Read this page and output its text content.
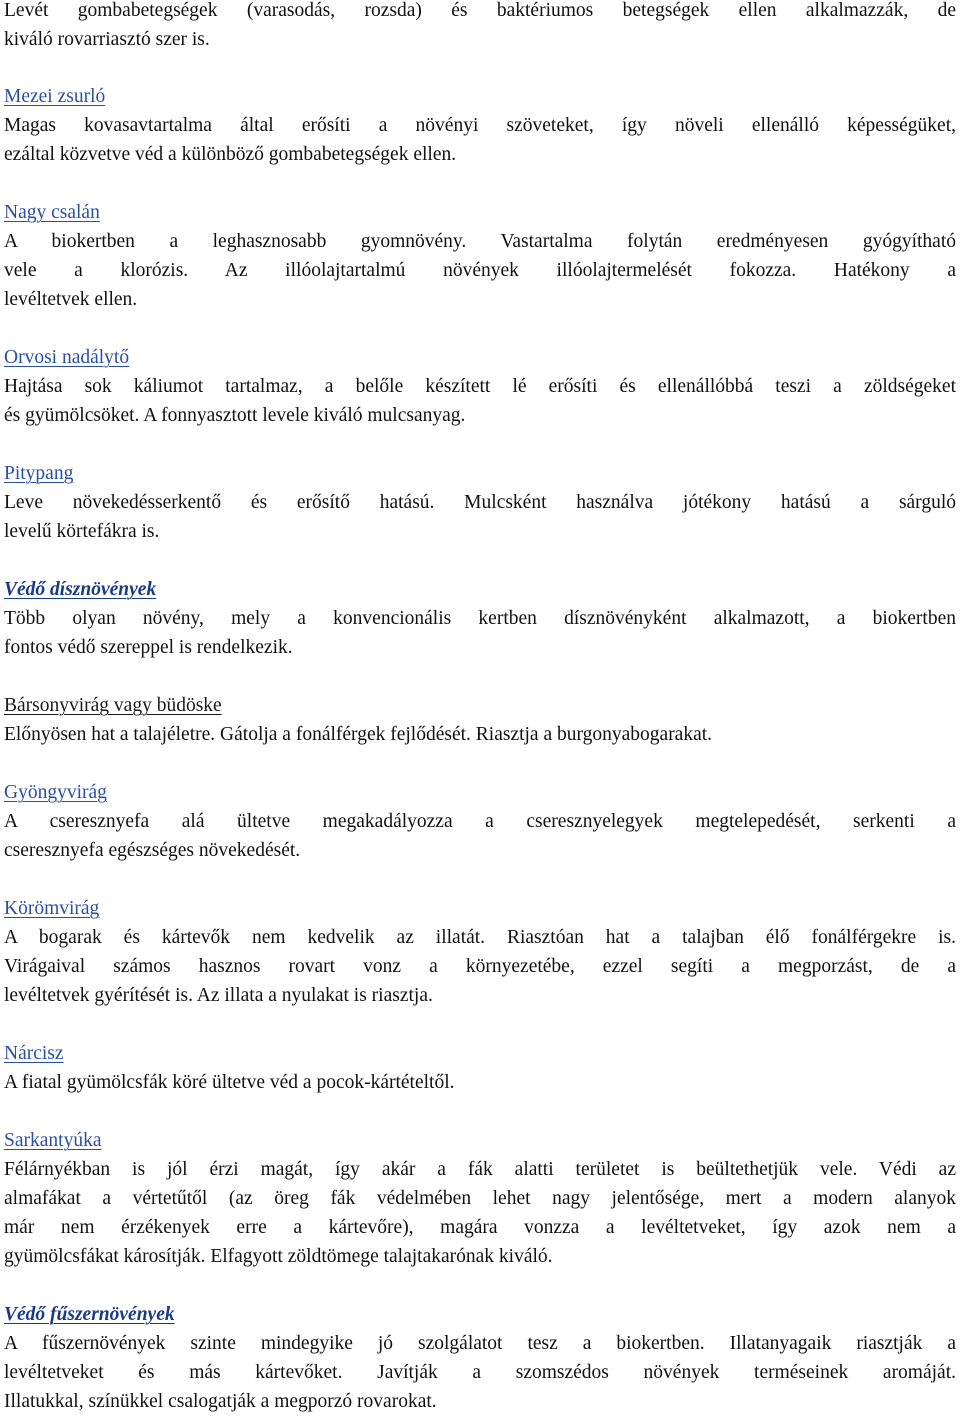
Levét gombabetegségek (varasodás, rozsda) és baktériumos betegségek ellen alkalmazzák, de
kiváló rovarriasztó szer is.
Mezei zsurló
Magas kovasavtartalma által erősíti a növényi szöveteket, így növeli ellenálló képességüket,
ezáltal közvetve véd a különböző gombabetegségek ellen.
Nagy csalán
A biokertben a leghasznosabb gyomnövény. Vastartalma folytán eredményesen gyógyítható
vele a klorózis. Az illóolajtartalmú növények illóolajtermelését fokozza. Hatékony a
levéltetvek ellen.
Orvosi nadálytő
Hajtása sok káliumot tartalmaz, a belőle készített lé erősíti és ellenállóbbá teszi a zöldségeket
és gyümölcsöket. A fonnyasztott levele kiváló mulcsanyag.
Pitypang
Leve növekedésserkentő és erősítő hatású. Mulcsként használva jótékony hatású a sárguló
levelű körtefákra is.
Védő dísznövények
Több olyan növény, mely a konvencionális kertben dísznövényként alkalmazott, a biokertben
fontos védő szereppel is rendelkezik.
Bársonyvirág vagy büdöske
Előnyösen hat a talajéletre. Gátolja a fonálférgek fejlődését. Riasztja a burgonyabogarakat.
Gyöngyvirág
A cseresznyefa alá ültetve megakadályozza a cseresznyelegyek megtelepedését, serkenti a
cseresznyefa egészséges növekedését.
Körömvirág
A bogarak és kártevők nem kedvelik az illatát. Riasztóan hat a talajban élő fonálférgekre is.
Virágaival számos hasznos rovart vonz a környezetébe, ezzel segíti a megporzást, de a
levéltetvek gyérítését is. Az illata a nyulakat is riasztja.
Nárcisz
A fiatal gyümölcsfák köré ültetve véd a pocok-kártételtől.
Sarkantyúka
Félárnyékban is jól érzi magát, így akár a fák alatti területet is beültethetjük vele. Védi az
almafákat a vértetűtől (az öreg fák védelmében lehet nagy jelentősége, mert a modern alanyok
már nem érzékenyek erre a kártevőre), magára vonzza a levéltetveket, így azok nem a
gyümölcsfákat károsítják. Elfagyott zöldtömege talajtakarónak kiváló.
Védő fűszernövények
A fűszernövények szinte mindegyike jó szolgálatot tesz a biokertben. Illatanyagaik riasztják a
levéltetveket és más kártevőket. Javítják a szomszédos növények terméseinek aromáját.
Illatukkal, színükkel csalogatják a megporzó rovarokat.
